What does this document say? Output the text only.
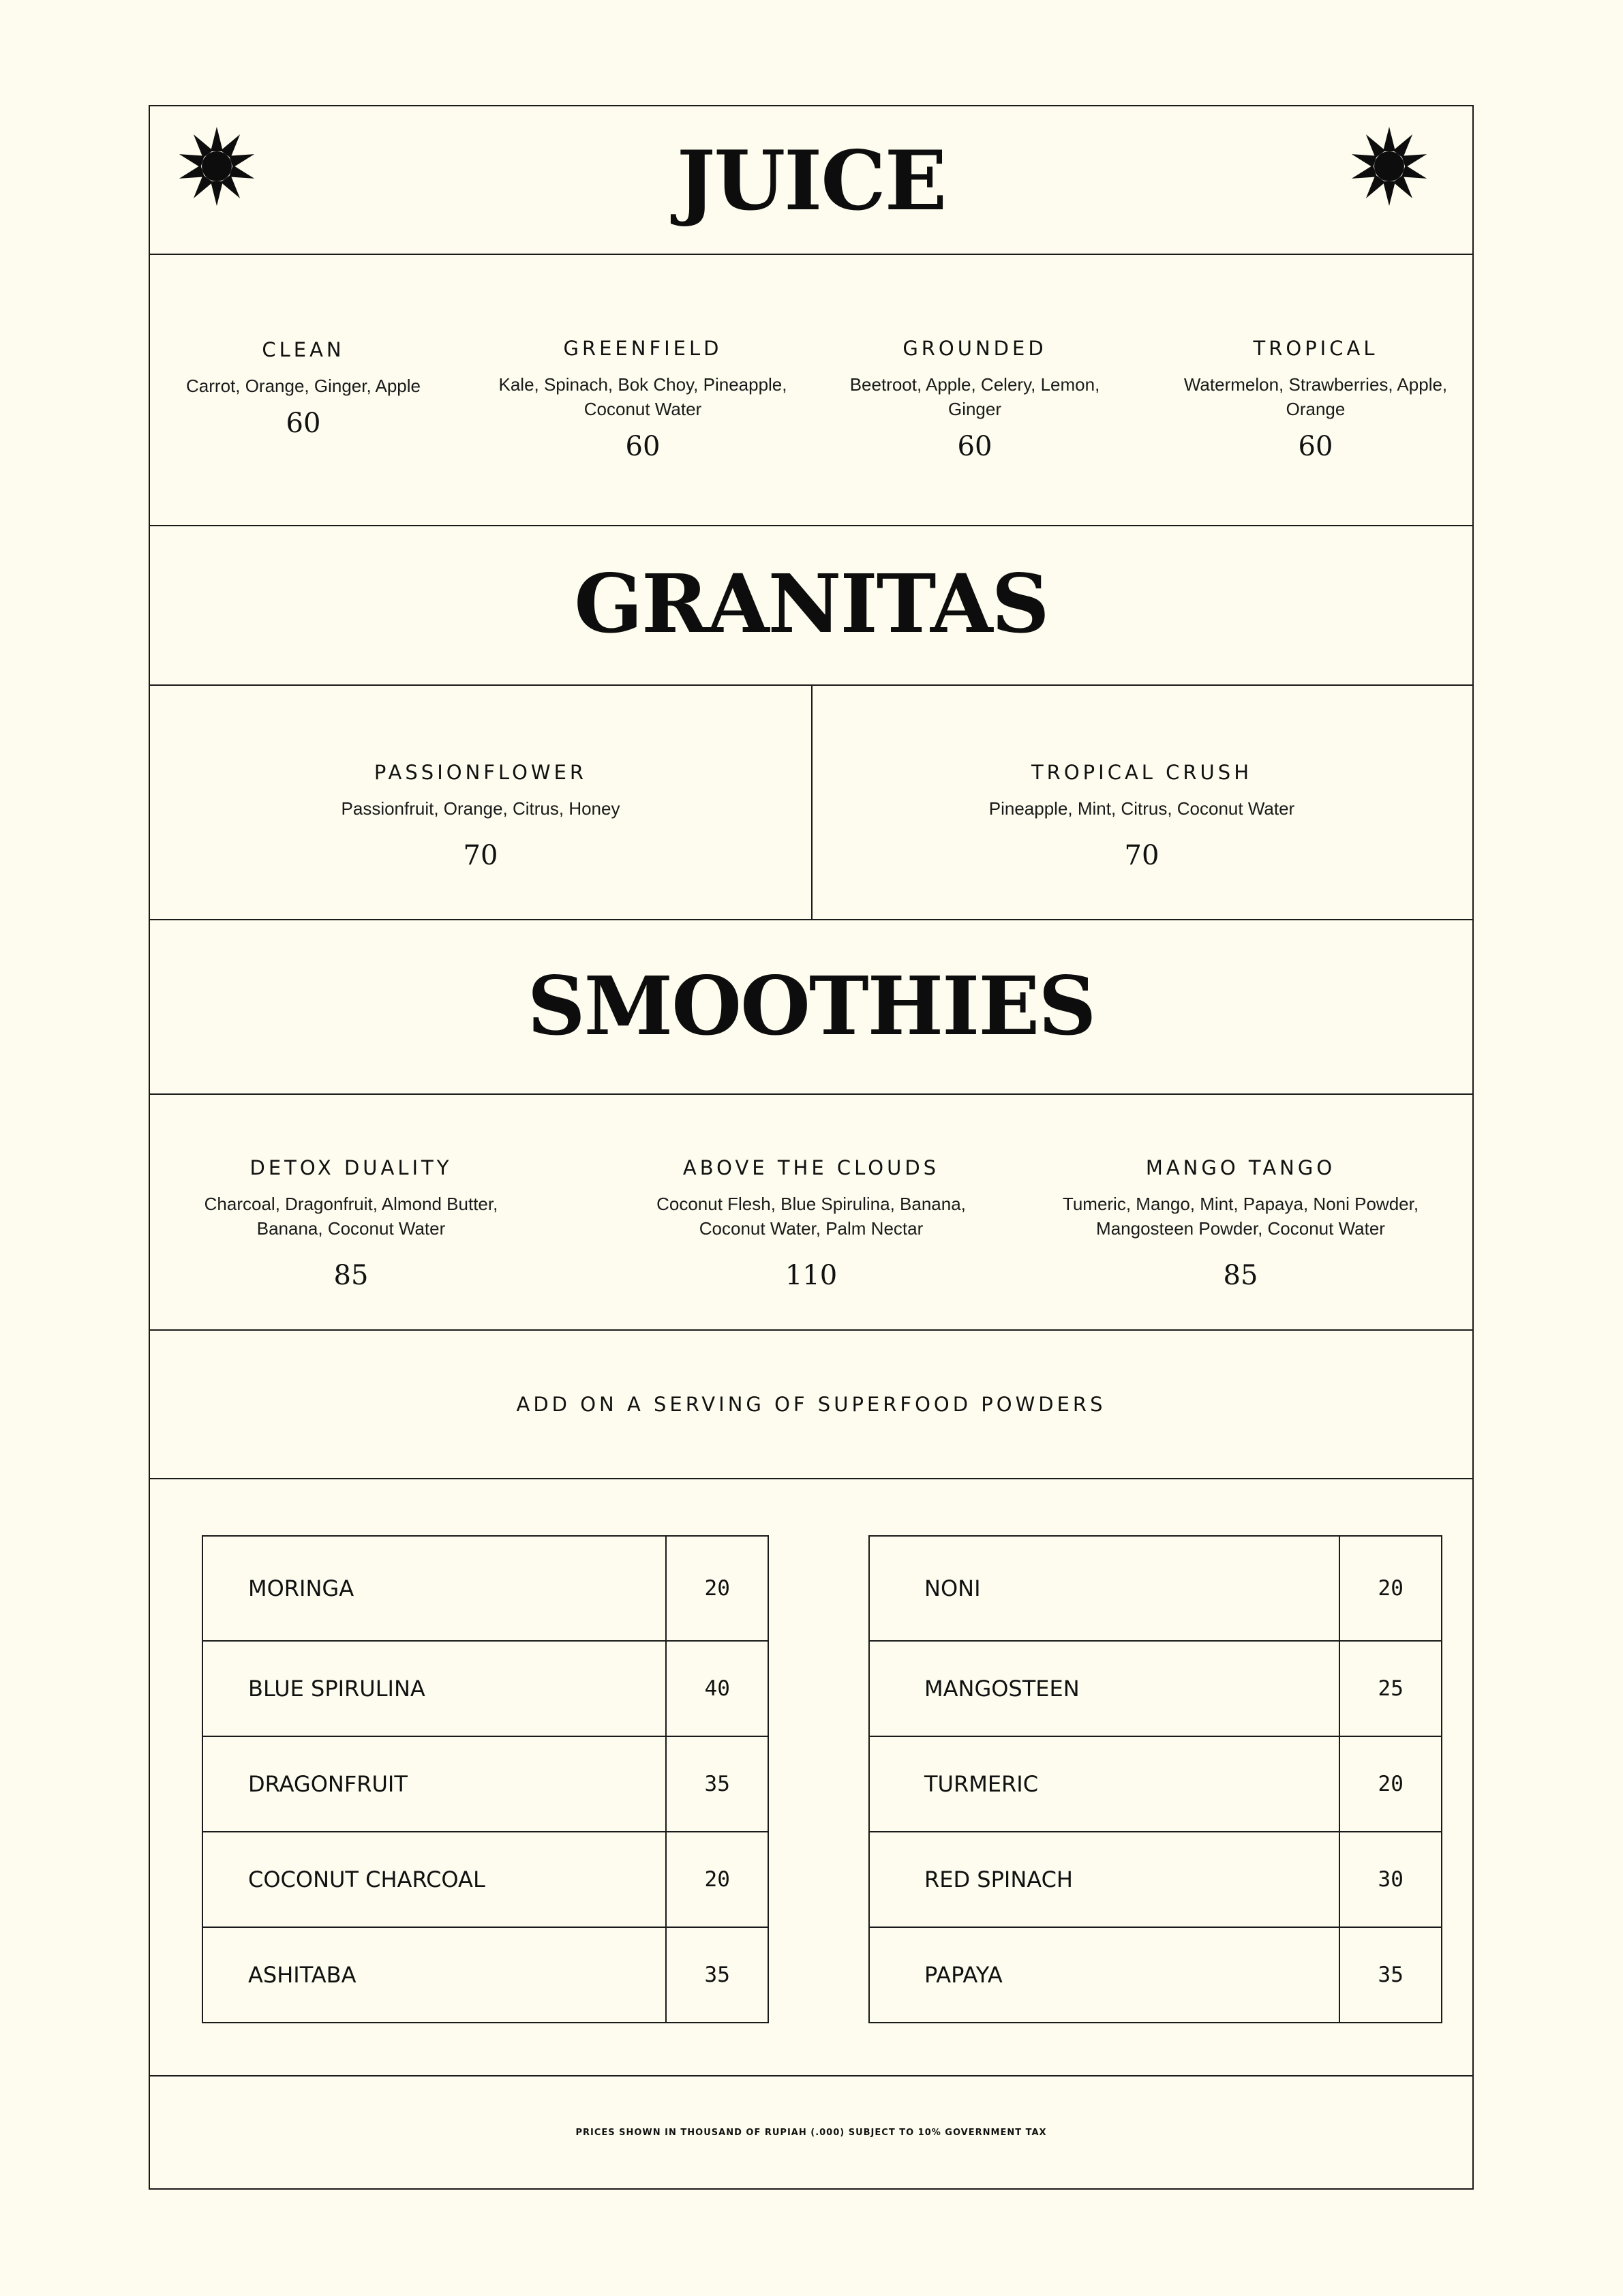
JUICE
CLEAN
Carrot, Orange, Ginger, Apple
60
GREENFIELD
Kale, Spinach, Bok Choy, Pineapple, Coconut Water
60
GROUNDED
Beetroot, Apple, Celery, Lemon, Ginger
60
TROPICAL
Watermelon, Strawberries, Apple, Orange
60
GRANITAS
PASSIONFLOWER
Passionfruit, Orange, Citrus, Honey
70
TROPICAL CRUSH
Pineapple, Mint, Citrus, Coconut Water
70
SMOOTHIES
DETOX DUALITY
Charcoal, Dragonfruit, Almond Butter, Banana, Coconut Water
85
ABOVE THE CLOUDS
Coconut Flesh, Blue Spirulina, Banana, Coconut Water, Palm Nectar
110
MANGO TANGO
Tumeric, Mango, Mint, Papaya, Noni Powder, Mangosteen Powder, Coconut Water
85
ADD ON A SERVING OF SUPERFOOD POWDERS
MORINGA	20
BLUE SPIRULINA	40
DRAGONFRUIT	35
COCONUT CHARCOAL	20
ASHITABA	35
NONI	20
MANGOSTEEN	25
TURMERIC	20
RED SPINACH	30
PAPAYA	35
PRICES SHOWN IN THOUSAND OF RUPIAH (.000) SUBJECT TO 10% GOVERNMENT TAX
